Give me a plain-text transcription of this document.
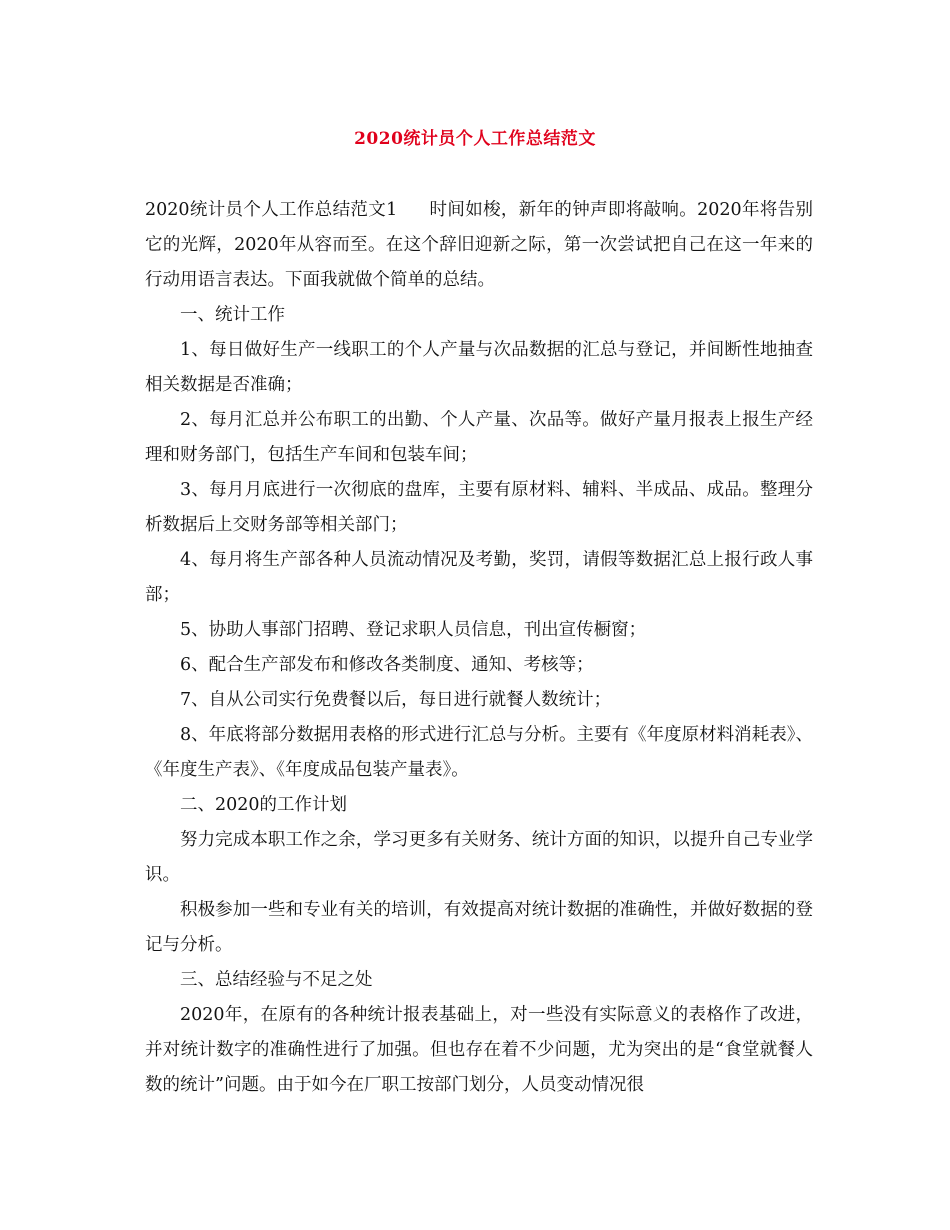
2020统计员个人工作总结范文

2020统计员个人工作总结范文1 时间如梭，新年的钟声即将敲响。2020年将告别它的光辉，2020年从容而至。在这个辞旧迎新之际，第一次尝试把自己在这一年来的行动用语言表达。下面我就做个简单的总结。

一、统计工作

1、每日做好生产一线职工的个人产量与次品数据的汇总与登记，并间断性地抽查相关数据是否准确；

2、每月汇总并公布职工的出勤、个人产量、次品等。做好产量月报表上报生产经理和财务部门，包括生产车间和包装车间；

3、每月月底进行一次彻底的盘库，主要有原材料、辅料、半成品、成品。整理分析数据后上交财务部等相关部门；

4、每月将生产部各种人员流动情况及考勤，奖罚，请假等数据汇总上报行政人事部；

5、协助人事部门招聘、登记求职人员信息，刊出宣传橱窗；

6、配合生产部发布和修改各类制度、通知、考核等；

7、自从公司实行免费餐以后，每日进行就餐人数统计；

8、年底将部分数据用表格的形式进行汇总与分析。主要有《年度原材料消耗表》、《年度生产表》、《年度成品包装产量表》。

二、2020的工作计划

努力完成本职工作之余，学习更多有关财务、统计方面的知识，以提升自己专业学识。

积极参加一些和专业有关的培训，有效提高对统计数据的准确性，并做好数据的登记与分析。

三、总结经验与不足之处

2020年，在原有的各种统计报表基础上，对一些没有实际意义的表格作了改进，并对统计数字的准确性进行了加强。但也存在着不少问题，尤为突出的是“食堂就餐人数的统计”问题。由于如今在厂职工按部门划分，人员变动情况很
